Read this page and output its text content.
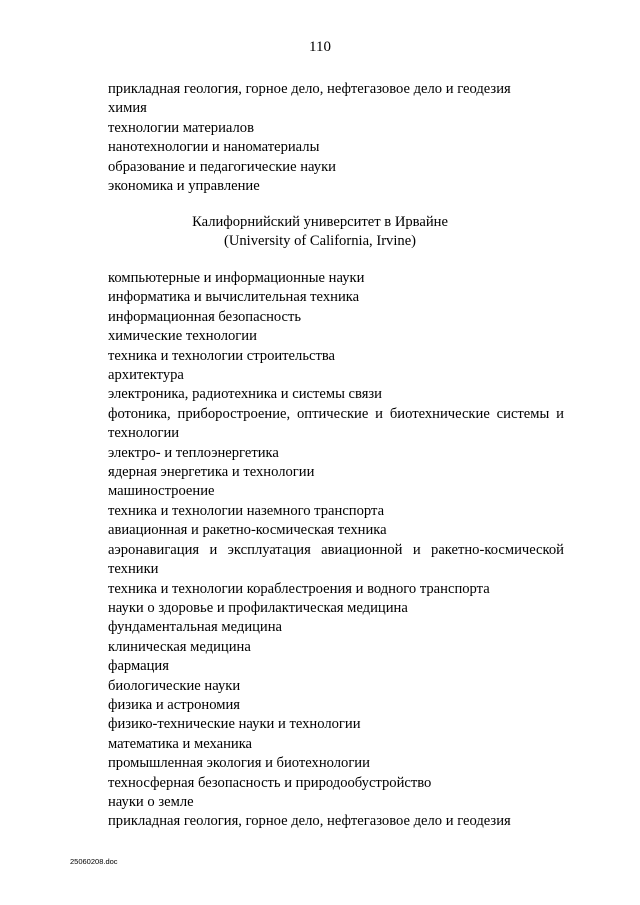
110
прикладная геология, горное дело, нефтегазовое дело и геодезия
химия
технологии материалов
нанотехнологии и наноматериалы
образование и педагогические науки
экономика и управление
Калифорнийский университет в Ирвайне
(University of California, Irvine)
компьютерные и информационные науки
информатика и вычислительная техника
информационная безопасность
химические технологии
техника и технологии строительства
архитектура
электроника, радиотехника и системы связи
фотоника, приборостроение, оптические и биотехнические системы и технологии
электро- и теплоэнергетика
ядерная энергетика и технологии
машиностроение
техника и технологии наземного транспорта
авиационная и ракетно-космическая техника
аэронавигация и эксплуатация авиационной и ракетно-космической техники
техника и технологии кораблестроения и водного транспорта
науки о здоровье и профилактическая медицина
фундаментальная медицина
клиническая медицина
фармация
биологические науки
физика и астрономия
физико-технические науки и технологии
математика и механика
промышленная экология и биотехнологии
техносферная безопасность и природообустройство
науки о земле
прикладная геология, горное дело, нефтегазовое дело и геодезия
25060208.doc
